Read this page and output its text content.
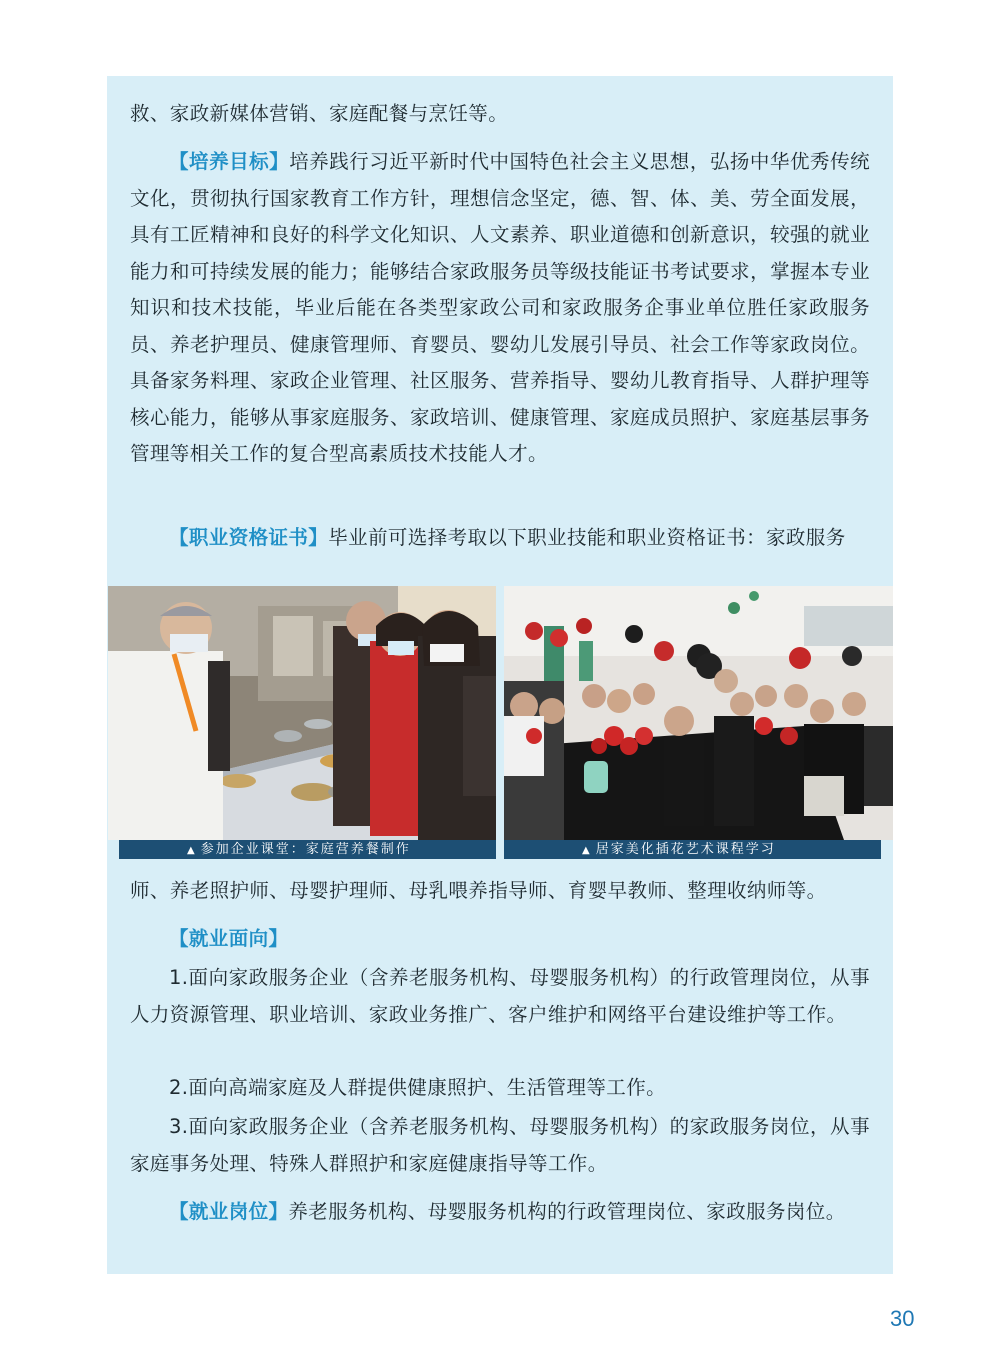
救、家政新媒体营销、家庭配餐与烹饪等。

【培养目标】培养践行习近平新时代中国特色社会主义思想，弘扬中华优秀传统文化，贯彻执行国家教育工作方针，理想信念坚定，德、智、体、美、劳全面发展，具有工匠精神和良好的科学文化知识、人文素养、职业道德和创新意识，较强的就业能力和可持续发展的能力；能够结合家政服务员等级技能证书考试要求，掌握本专业知识和技术技能，毕业后能在各类型家政公司和家政服务企事业单位胜任家政服务员、养老护理员、健康管理师、育婴员、婴幼儿发展引导员、社会工作等家政岗位。具备家务料理、家政企业管理、社区服务、营养指导、婴幼儿教育指导、人群护理等核心能力，能够从事家庭服务、家政培训、健康管理、家庭成员照护、家庭基层事务管理等相关工作的复合型高素质技术技能人才。

【职业资格证书】毕业前可选择考取以下职业技能和职业资格证书：家政服务

▲ 参加企业课堂：家庭营养餐制作	▲ 居家美化插花艺术课程学习

师、养老照护师、母婴护理师、母乳喂养指导师、育婴早教师、整理收纳师等。

【就业面向】

1.面向家政服务企业（含养老服务机构、母婴服务机构）的行政管理岗位，从事人力资源管理、职业培训、家政业务推广、客户维护和网络平台建设维护等工作。

2.面向高端家庭及人群提供健康照护、生活管理等工作。

3.面向家政服务企业（含养老服务机构、母婴服务机构）的家政服务岗位，从事家庭事务处理、特殊人群照护和家庭健康指导等工作。

【就业岗位】养老服务机构、母婴服务机构的行政管理岗位、家政服务岗位。

30
